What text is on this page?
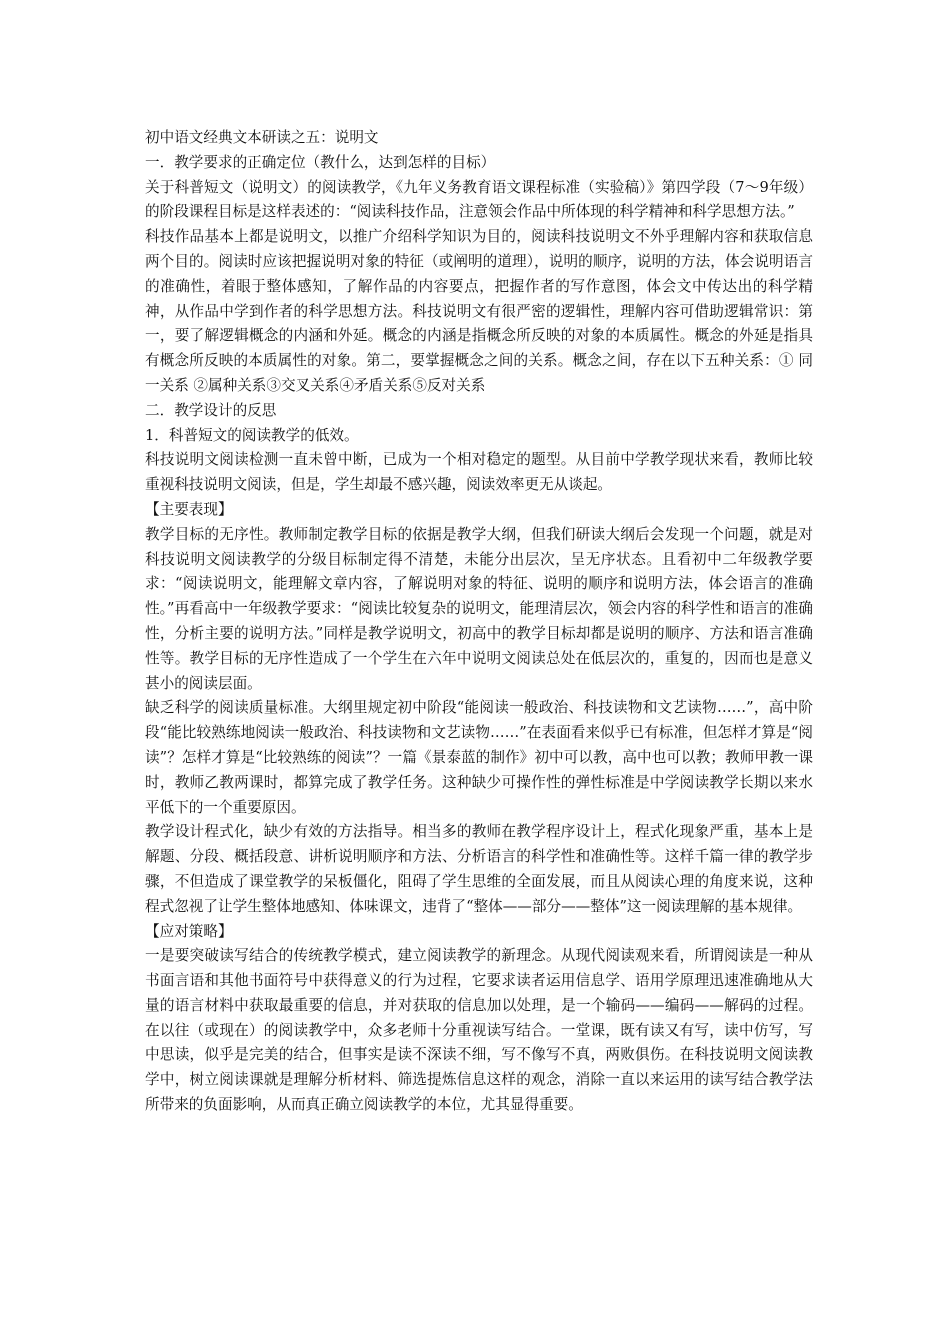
初中语文经典文本研读之五：说明文

一．教学要求的正确定位（教什么，达到怎样的目标）

关于科普短文（说明文）的阅读教学，《九年义务教育语文课程标准（实验稿）》第四学段（7～9年级）的阶段课程目标是这样表述的：“阅读科技作品，注意领会作品中所体现的科学精神和科学思想方法。”

科技作品基本上都是说明文，以推广介绍科学知识为目的，阅读科技说明文不外乎理解内容和获取信息两个目的。阅读时应该把握说明对象的特征（或阐明的道理），说明的顺序，说明的方法，体会说明语言的准确性，着眼于整体感知，了解作品的内容要点，把握作者的写作意图，体会文中传达出的科学精神，从作品中学到作者的科学思想方法。科技说明文有很严密的逻辑性，理解内容可借助逻辑常识：第一，要了解逻辑概念的内涵和外延。概念的内涵是指概念所反映的对象的本质属性。概念的外延是指具有概念所反映的本质属性的对象。第二，要掌握概念之间的关系。概念之间，存在以下五种关系：① 同一关系 ②属种关系③交叉关系④矛盾关系⑤反对关系

二．教学设计的反思

1．科普短文的阅读教学的低效。

科技说明文阅读检测一直未曾中断，已成为一个相对稳定的题型。从目前中学教学现状来看，教师比较重视科技说明文阅读，但是，学生却最不感兴趣，阅读效率更无从谈起。

【主要表现】

教学目标的无序性。教师制定教学目标的依据是教学大纲，但我们研读大纲后会发现一个问题，就是对科技说明文阅读教学的分级目标制定得不清楚，未能分出层次，呈无序状态。且看初中二年级教学要求：“阅读说明文，能理解文章内容，了解说明对象的特征、说明的顺序和说明方法，体会语言的准确性。”再看高中一年级教学要求：“阅读比较复杂的说明文，能理清层次，领会内容的科学性和语言的准确性，分析主要的说明方法。”同样是教学说明文，初高中的教学目标却都是说明的顺序、方法和语言准确性等。教学目标的无序性造成了一个学生在六年中说明文阅读总处在低层次的，重复的，因而也是意义甚小的阅读层面。

缺乏科学的阅读质量标准。大纲里规定初中阶段“能阅读一般政治、科技读物和文艺读物……”，高中阶段“能比较熟练地阅读一般政治、科技读物和文艺读物……”在表面看来似乎已有标准，但怎样才算是“阅读”？怎样才算是“比较熟练的阅读”？一篇《景泰蓝的制作》初中可以教，高中也可以教；教师甲教一课时，教师乙教两课时，都算完成了教学任务。这种缺少可操作性的弹性标准是中学阅读教学长期以来水平低下的一个重要原因。

教学设计程式化，缺少有效的方法指导。相当多的教师在教学程序设计上，程式化现象严重，基本上是解题、分段、概括段意、讲析说明顺序和方法、分析语言的科学性和准确性等。这样千篇一律的教学步骤，不但造成了课堂教学的呆板僵化，阻碍了学生思维的全面发展，而且从阅读心理的角度来说，这种程式忽视了让学生整体地感知、体味课文，违背了“整体——部分——整体”这一阅读理解的基本规律。

【应对策略】

一是要突破读写结合的传统教学模式，建立阅读教学的新理念。从现代阅读观来看，所谓阅读是一种从书面言语和其他书面符号中获得意义的行为过程，它要求读者运用信息学、语用学原理迅速准确地从大量的语言材料中获取最重要的信息，并对获取的信息加以处理，是一个输码——编码——解码的过程。在以往（或现在）的阅读教学中，众多老师十分重视读写结合。一堂课，既有读又有写，读中仿写，写中思读，似乎是完美的结合，但事实是读不深读不细，写不像写不真，两败俱伤。在科技说明文阅读教学中，树立阅读课就是理解分析材料、筛选提炼信息这样的观念，消除一直以来运用的读写结合教学法所带来的负面影响，从而真正确立阅读教学的本位，尤其显得重要。
